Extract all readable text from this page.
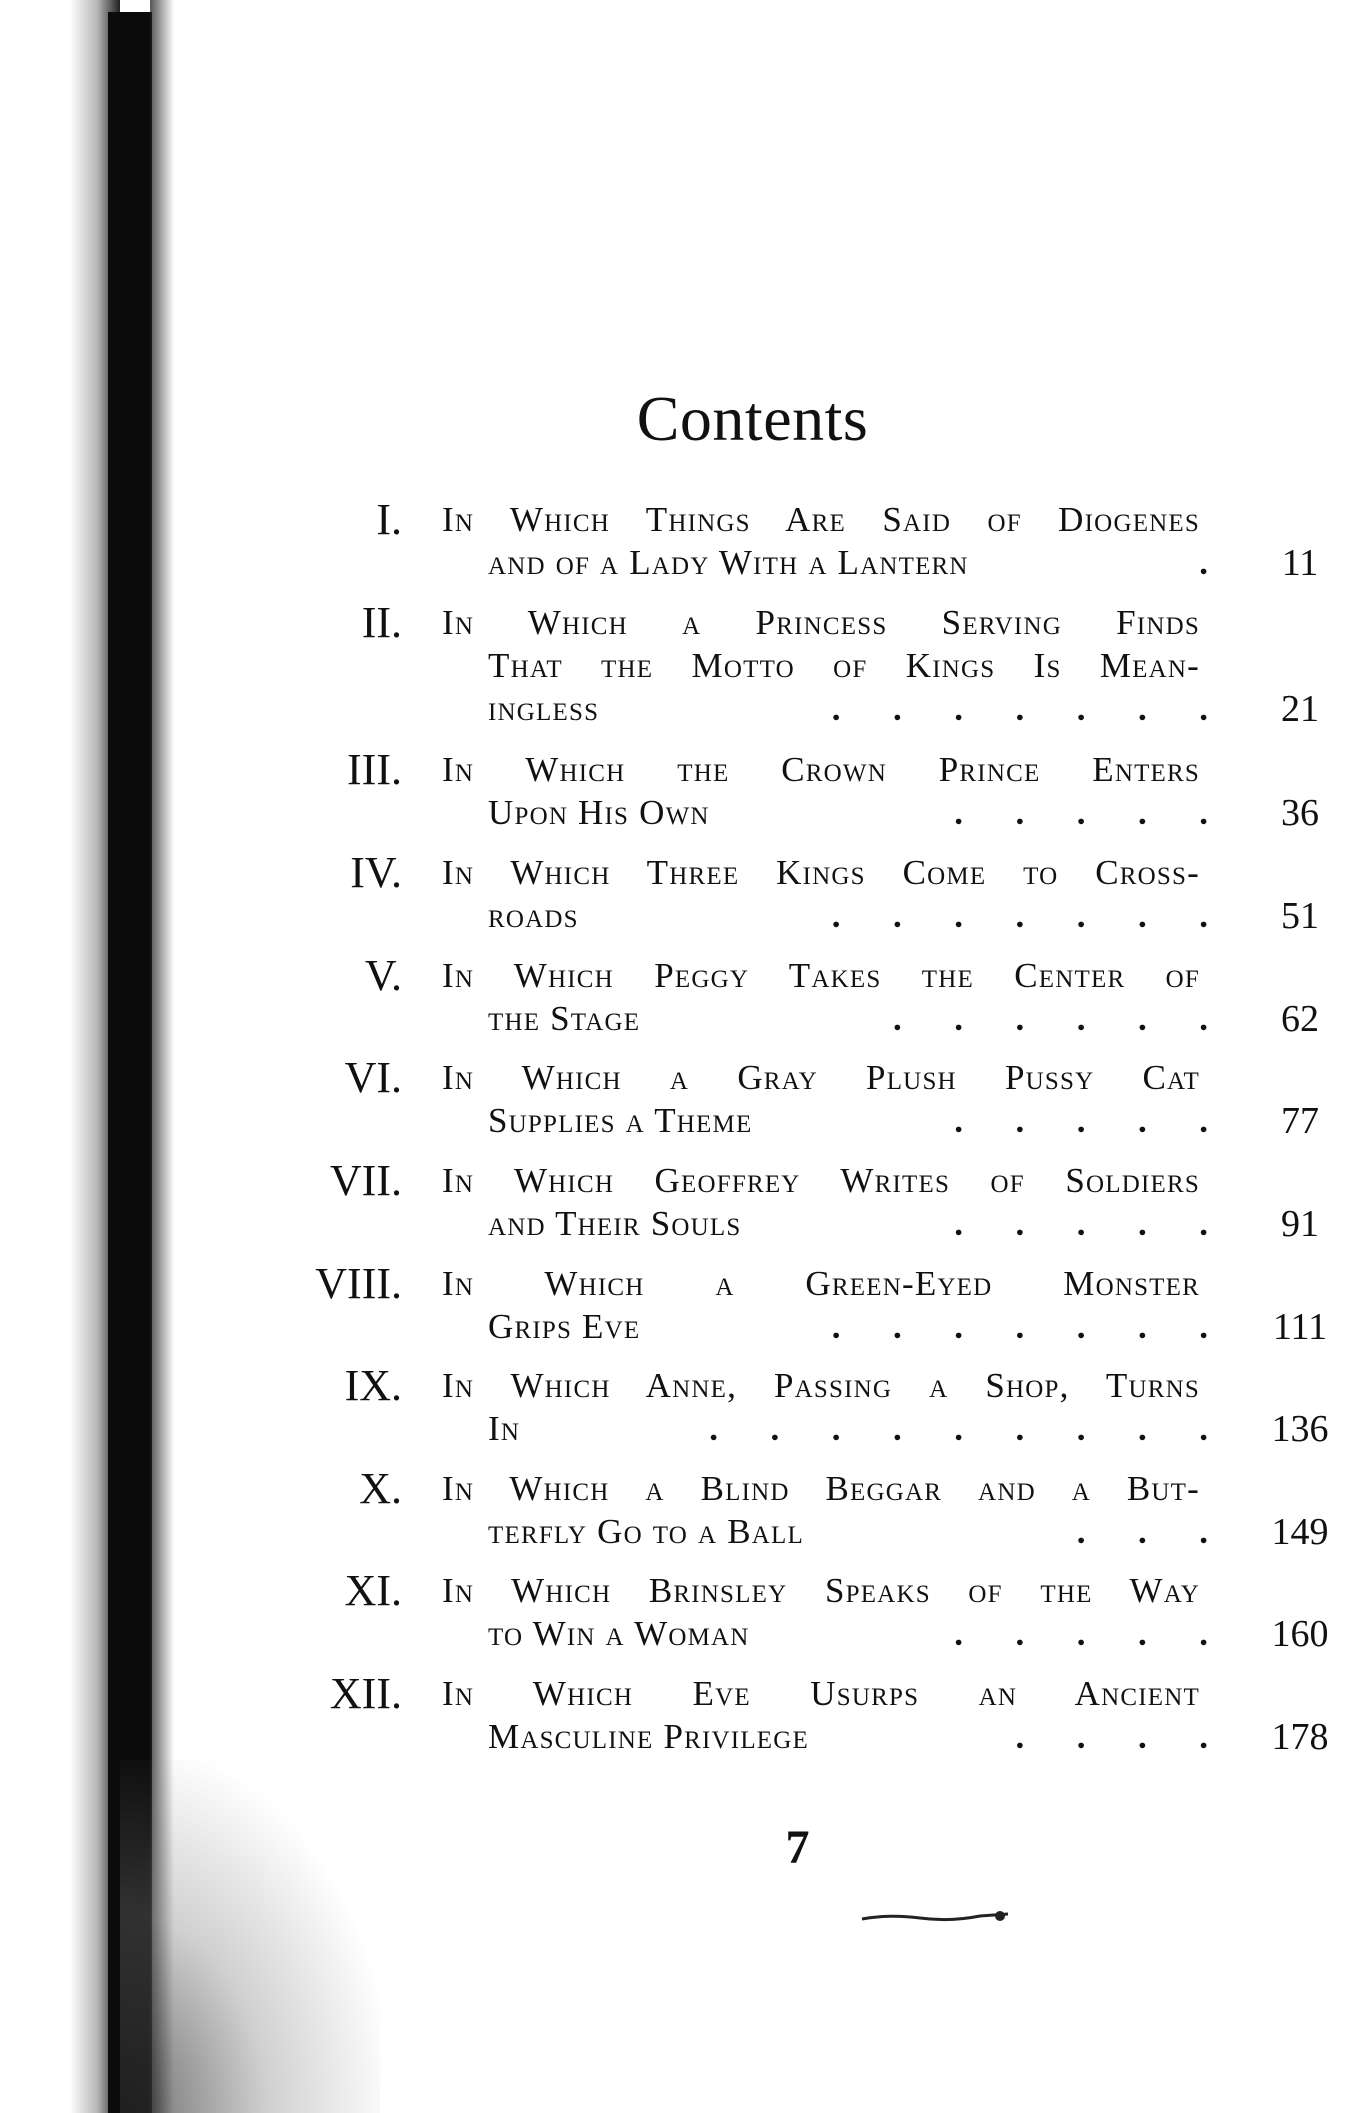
Contents
I. In Which Things Are Said of Diogenes
and of a Lady With a Lantern	.	11
II. In Which a Princess Serving Finds
That the Motto of Kings Is Mean-
ingless	.      .      .      .      .      .      . 21
III. In Which the Crown Prince Enters
Upon His Own	.      .      .      .      . 36
IV. In Which Three Kings Come to Cross-
roads	.      .      .      .      .      .      . 51
V. In Which Peggy Takes the Center of
the Stage	.      .      .      .      .      . 62
VI. In Which a Gray Plush Pussy Cat
Supplies a Theme	.      .      .      .      . 77
VII. In Which Geoffrey Writes of Soldiers
and Their Souls	.      .      .      .      . 91
VIII. In Which a Green-Eyed Monster
Grips Eve	.      .      .      .      .      .      . 111
IX. In Which Anne, Passing a Shop, Turns
In	.      .      .      .      .      .      .      .      . 136
X. In Which a Blind Beggar and a But-
terfly Go to a Ball	.      .      . 149
XI. In Which Brinsley Speaks of the Way
to Win a Woman	.      .      .      .      . 160
XII. In Which Eve Usurps an Ancient
Masculine Privilege	.      .      .      . 178
7
